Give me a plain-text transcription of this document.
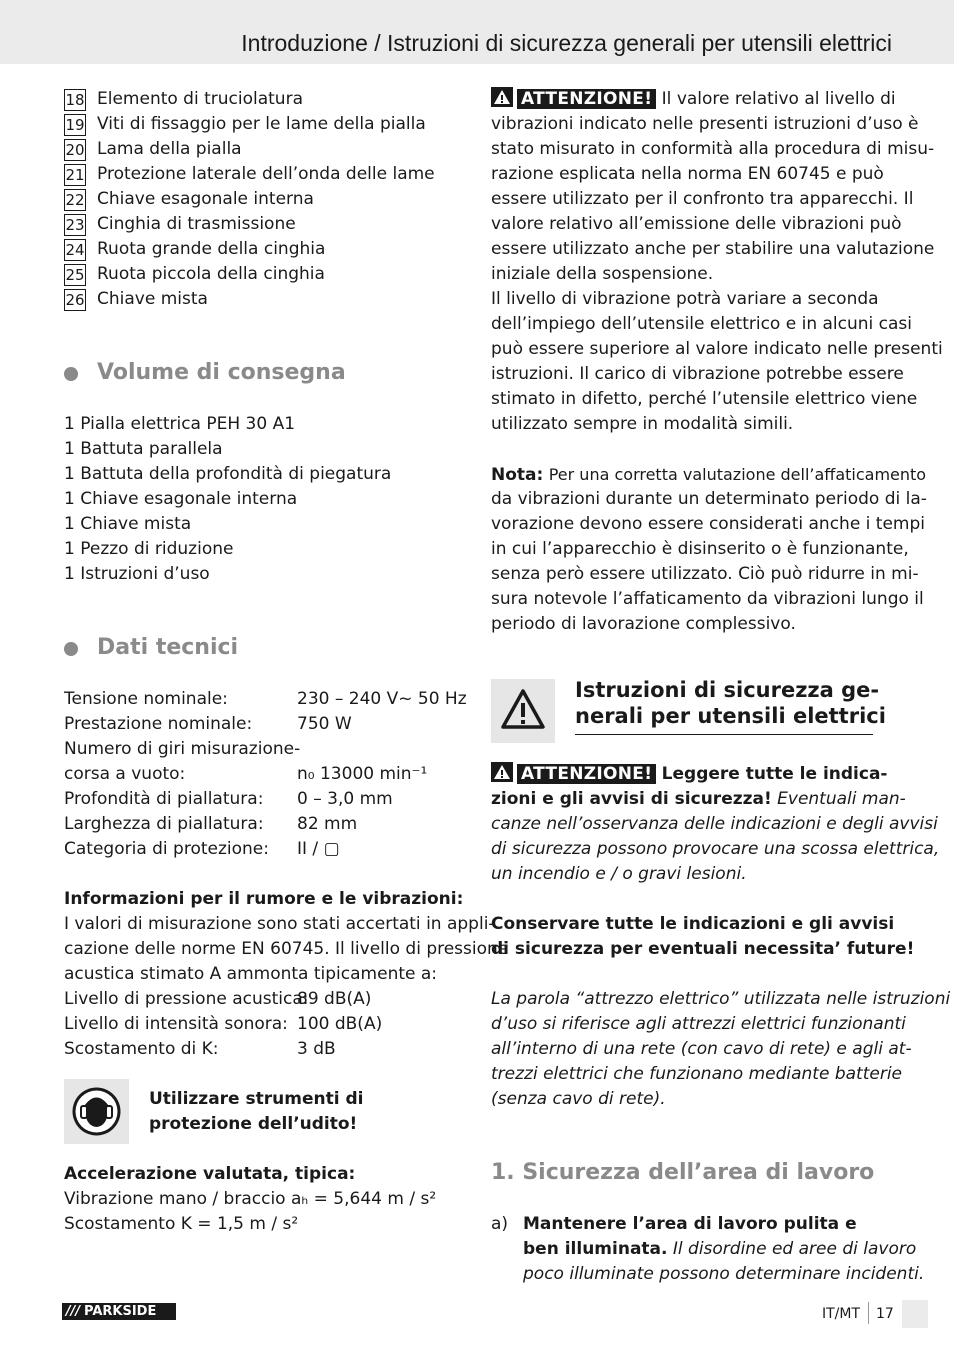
Introduzione / Istruzioni di sicurezza generali per utensili elettrici
18 Elemento di truciolatura
19 Viti di fissaggio per le lame della pialla
20 Lama della pialla
21 Protezione laterale dell’onda delle lame
22 Chiave esagonale interna
23 Cinghia di trasmissione
24 Ruota grande della cinghia
25 Ruota piccola della cinghia
26 Chiave mista
Volume di consegna
1 Pialla elettrica PEH 30 A1
1 Battuta parallela
1 Battuta della profondità di piegatura
1 Chiave esagonale interna
1 Chiave mista
1 Pezzo di riduzione
1 Istruzioni d’uso
Dati tecnici
Tensione nominale:	230 – 240 V~ 50 Hz
Prestazione nominale:	750 W
Numero di giri misurazione-
corsa a vuoto:	n₀ 13000 min⁻¹
Profondità di piallatura: 0 – 3,0 mm
Larghezza di piallatura: 82 mm
Categoria di protezione: II / ▢
Informazioni per il rumore e le vibrazioni:
I valori di misurazione sono stati accertati in appli-
cazione delle norme EN 60745. Il livello di pressione
acustica stimato A ammonta tipicamente a:
Livello di pressione acustica:
89 dB(A)
Livello di intensità sonora: 100 dB(A)
Scostamento di K:	3 dB
Utilizzare strumenti di
protezione dell’udito!
Accelerazione valutata, tipica:
Vibrazione mano / braccio aₕ = 5,644 m / s²
Scostamento K = 1,5 m / s²
ATTENZIONE! Il valore relativo al livello di
vibrazioni indicato nelle presenti istruzioni d’uso è
stato misurato in conformità alla procedura di misu-
razione esplicata nella norma EN 60745 e può
essere utilizzato per il confronto tra apparecchi. Il
valore relativo all’emissione delle vibrazioni può
essere utilizzato anche per stabilire una valutazione
iniziale della sospensione.
Il livello di vibrazione potrà variare a seconda
dell’impiego dell’utensile elettrico e in alcuni casi
può essere superiore al valore indicato nelle presenti
istruzioni. Il carico di vibrazione potrebbe essere
stimato in difetto, perché l’utensile elettrico viene
utilizzato sempre in modalità simili.
Nota: Per una corretta valutazione dell’affaticamento
da vibrazioni durante un determinato periodo di la-
vorazione devono essere considerati anche i tempi
in cui l’apparecchio è disinserito o è funzionante,
senza però essere utilizzato. Ciò può ridurre in mi-
sura notevole l’affaticamento da vibrazioni lungo il
periodo di lavorazione complessivo.
Istruzioni di sicurezza ge-
nerali per utensili elettrici
ATTENZIONE! Leggere tutte le indica-
zioni e gli avvisi di sicurezza! Eventuali man-
canze nell’osservanza delle indicazioni e degli avvisi
di sicurezza possono provocare una scossa elettrica,
un incendio e / o gravi lesioni.
Conservare tutte le indicazioni e gli avvisi
di sicurezza per eventuali necessita’ future!
La parola “attrezzo elettrico” utilizzata nelle istruzioni
d’uso si riferisce agli attrezzi elettrici funzionanti
all’interno di una rete (con cavo di rete) e agli at-
trezzi elettrici che funzionano mediante batterie
(senza cavo di rete).
1. Sicurezza dell’area di lavoro
a) Mantenere l’area di lavoro pulita e
ben illuminata. Il disordine ed aree di lavoro
poco illuminate possono determinare incidenti.
/// PARKSIDE	IT/MT 17
